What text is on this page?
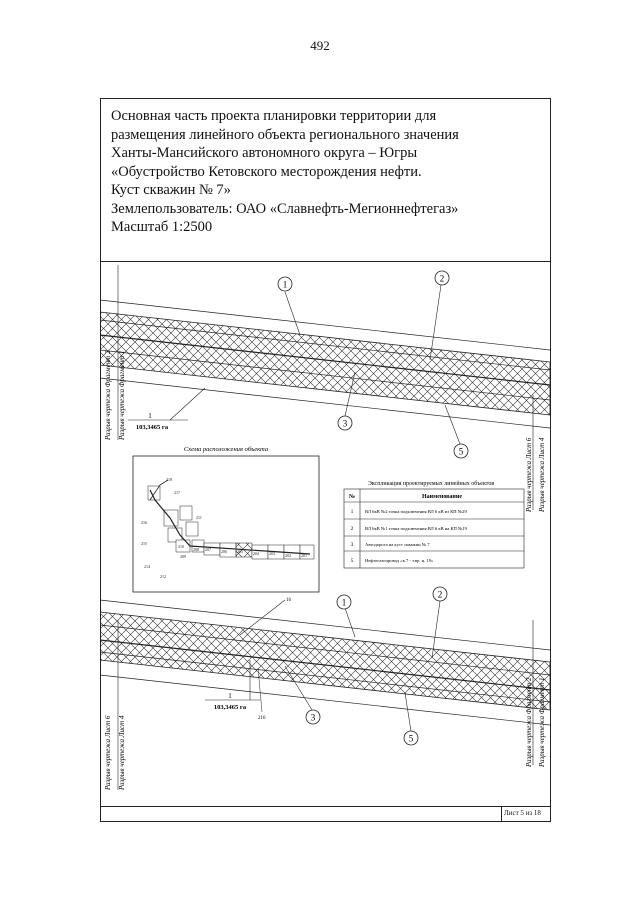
492
Основная часть проекта планировки территории для
размещения линейного объекта регионального значения
Ханты-Мансийского автономного округа – Югры
«Обустройство Кетовского месторождения нефти.
Куст скважин № 7»
Землепользователь: ОАО «Славнефть-Мегионнефтегаз»
Масштаб 1:2500
Лист 5 из 18
Разрыв чертежа Фрагмент 2 Разрыв чертежа Фрагмент 1
Разрыв чертежа Лист 6 Разрыв чертежа Лист 4
Разрыв чертежа Лист 6 Разрыв чертежа Лист 4	Разрыв чертежа Фрагмент 2 Разрыв чертежа Фрагмент 1
1
2
3
5
1
103,3465 га
Схема расположения объекта
218
217
216
215
214
212
211
210
209
208 207	206	205	204	203	202	201
Экспликация проектируемых линейных объектов
№	Наименование
1	ВЛ 6кВ №2 точка подключения ВЛ 6 кВ из КП №29
2	ВЛ 6кВ №1 точка подключения ВЛ 6 кВ на КП №19
3	Автодорога на куст скважин № 7
5	Нефтегазопровод «к.7 - т.вр. н. 19»
16	1
2
3
5
1
103,3465 га
216
